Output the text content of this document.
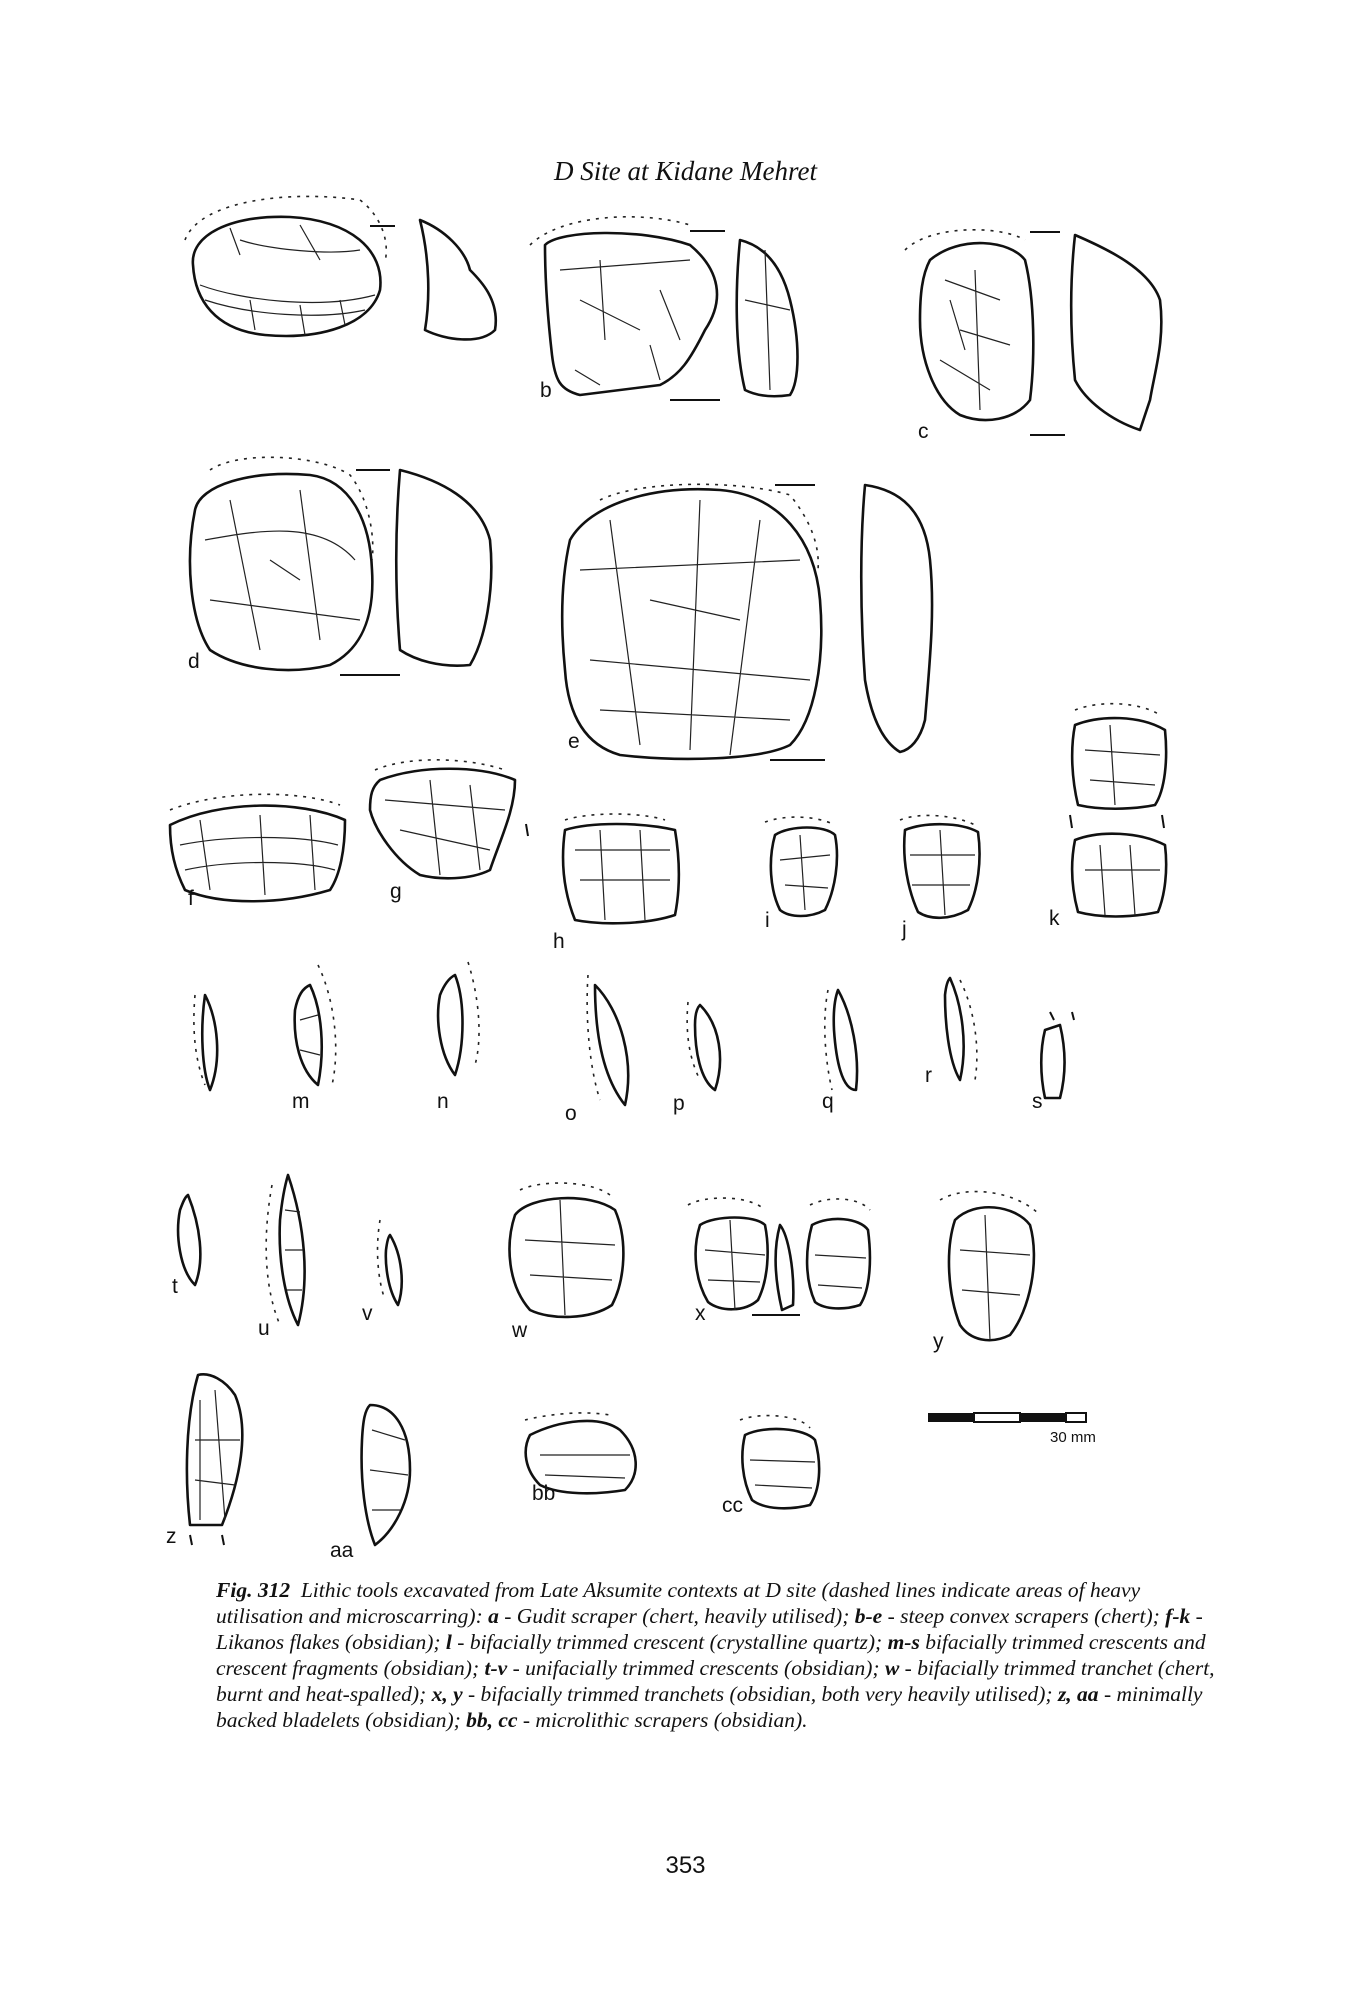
D Site at Kidane Mehret
30 mm
b
c
d
e
f	g
h
i	j	k
m	n
o	p	q
r
s
t
u
v
w
x
y
z
aa
bb
cc
Fig. 312 Lithic tools excavated from Late Aksumite contexts at D site (dashed lines indicate areas of heavy utilisation and microscarring): a - Gudit scraper (chert, heavily utilised); b-e - steep convex scrapers (chert); f-k - Likanos flakes (obsidian); l - bifacially trimmed crescent (crystalline quartz); m-s bifacially trimmed crescents and crescent fragments (obsidian); t-v - unifacially trimmed crescents (obsidian); w - bifacially trimmed tranchet (chert, burnt and heat-spalled); x, y - bifacially trimmed tranchets (obsidian, both very heavily utilised); z, aa - minimally backed bladelets (obsidian); bb, cc - microlithic scrapers (obsidian).
353
